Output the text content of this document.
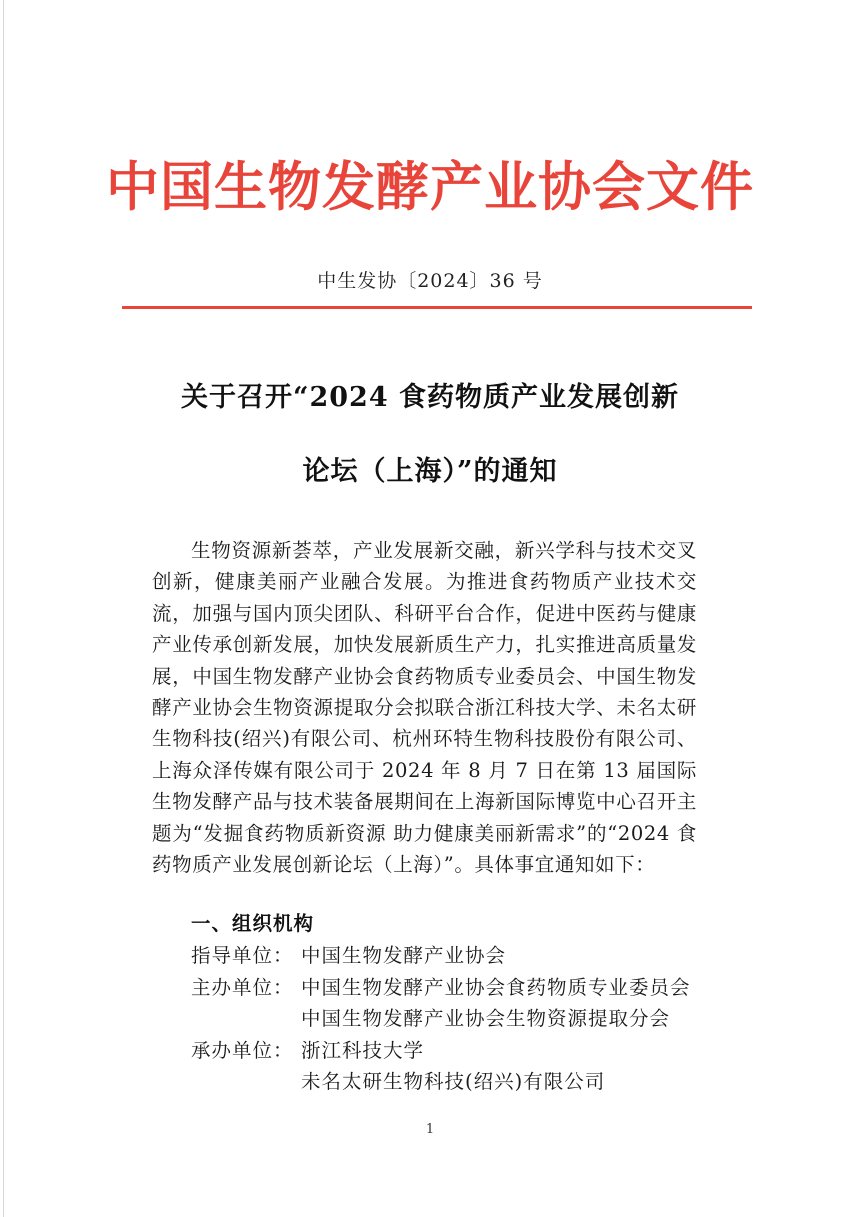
中国生物发酵产业协会文件
中生发协〔2024〕36 号
关于召开“2024 食药物质产业发展创新
论坛（上海）”的通知
生物资源新荟萃，产业发展新交融，新兴学科与技术交叉创新，健康美丽产业融合发展。为推进食药物质产业技术交流，加强与国内顶尖团队、科研平台合作，促进中医药与健康产业传承创新发展，加快发展新质生产力，扎实推进高质量发展，中国生物发酵产业协会食药物质专业委员会、中国生物发酵产业协会生物资源提取分会拟联合浙江科技大学、未名太研生物科技(绍兴)有限公司、杭州环特生物科技股份有限公司、上海众泽传媒有限公司于 2024 年 8 月 7 日在第 13 届国际生物发酵产品与技术装备展期间在上海新国际博览中心召开主题为“发掘食药物质新资源 助力健康美丽新需求”的“2024 食药物质产业发展创新论坛（上海）”。具体事宜通知如下：
一、组织机构
指导单位： 中国生物发酵产业协会
主办单位： 中国生物发酵产业协会食药物质专业委员会
中国生物发酵产业协会生物资源提取分会
承办单位： 浙江科技大学
未名太研生物科技(绍兴)有限公司
1
